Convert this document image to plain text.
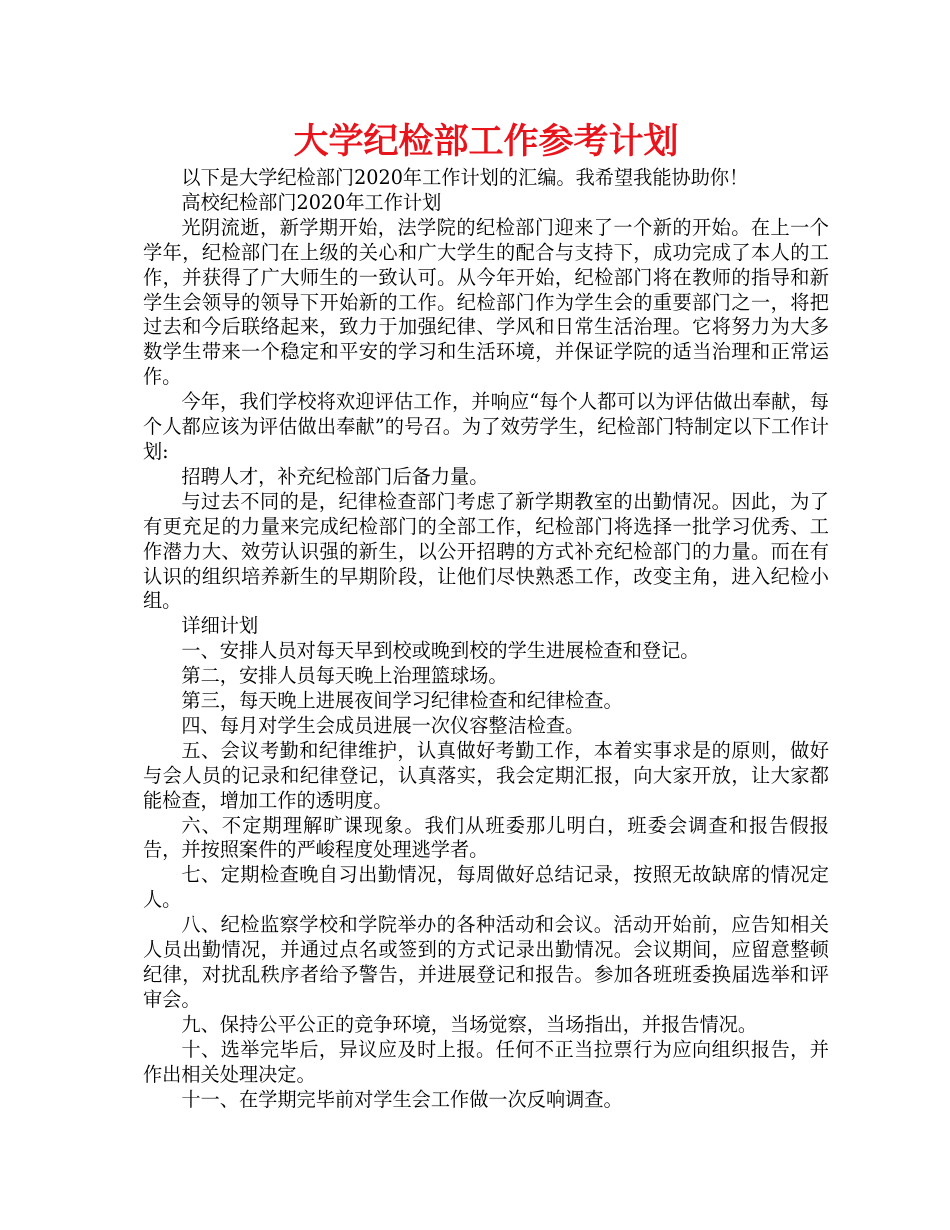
大学纪检部工作参考计划

以下是大学纪检部门2020年工作计划的汇编。我希望我能协助你！

高校纪检部门2020年工作计划

光阴流逝，新学期开始，法学院的纪检部门迎来了一个新的开始。在上一个学年，纪检部门在上级的关心和广大学生的配合与支持下，成功完成了本人的工作，并获得了广大师生的一致认可。从今年开始，纪检部门将在教师的指导和新学生会领导的领导下开始新的工作。纪检部门作为学生会的重要部门之一，将把过去和今后联络起来，致力于加强纪律、学风和日常生活治理。它将努力为大多数学生带来一个稳定和平安的学习和生活环境，并保证学院的适当治理和正常运作。

今年，我们学校将欢迎评估工作，并响应“每个人都可以为评估做出奉献，每个人都应该为评估做出奉献”的号召。为了效劳学生，纪检部门特制定以下工作计划:

招聘人才，补充纪检部门后备力量。

与过去不同的是，纪律检查部门考虑了新学期教室的出勤情况。因此，为了有更充足的力量来完成纪检部门的全部工作，纪检部门将选择一批学习优秀、工作潜力大、效劳认识强的新生，以公开招聘的方式补充纪检部门的力量。而在有认识的组织培养新生的早期阶段，让他们尽快熟悉工作，改变主角，进入纪检小组。

详细计划

一、安排人员对每天早到校或晚到校的学生进展检查和登记。

第二，安排人员每天晚上治理篮球场。

第三，每天晚上进展夜间学习纪律检查和纪律检查。

四、每月对学生会成员进展一次仪容整洁检查。

五、会议考勤和纪律维护，认真做好考勤工作，本着实事求是的原则，做好与会人员的记录和纪律登记，认真落实，我会定期汇报，向大家开放，让大家都能检查，增加工作的透明度。

六、不定期理解旷课现象。我们从班委那儿明白，班委会调查和报告假报告，并按照案件的严峻程度处理逃学者。

七、定期检查晚自习出勤情况，每周做好总结记录，按照无故缺席的情况定人。

八、纪检监察学校和学院举办的各种活动和会议。活动开始前，应告知相关人员出勤情况，并通过点名或签到的方式记录出勤情况。会议期间，应留意整顿纪律，对扰乱秩序者给予警告，并进展登记和报告。参加各班班委换届选举和评审会。

九、保持公平公正的竞争环境，当场觉察，当场指出，并报告情况。

十、选举完毕后，异议应及时上报。任何不正当拉票行为应向组织报告，并作出相关处理决定。

十一、在学期完毕前对学生会工作做一次反响调查。
